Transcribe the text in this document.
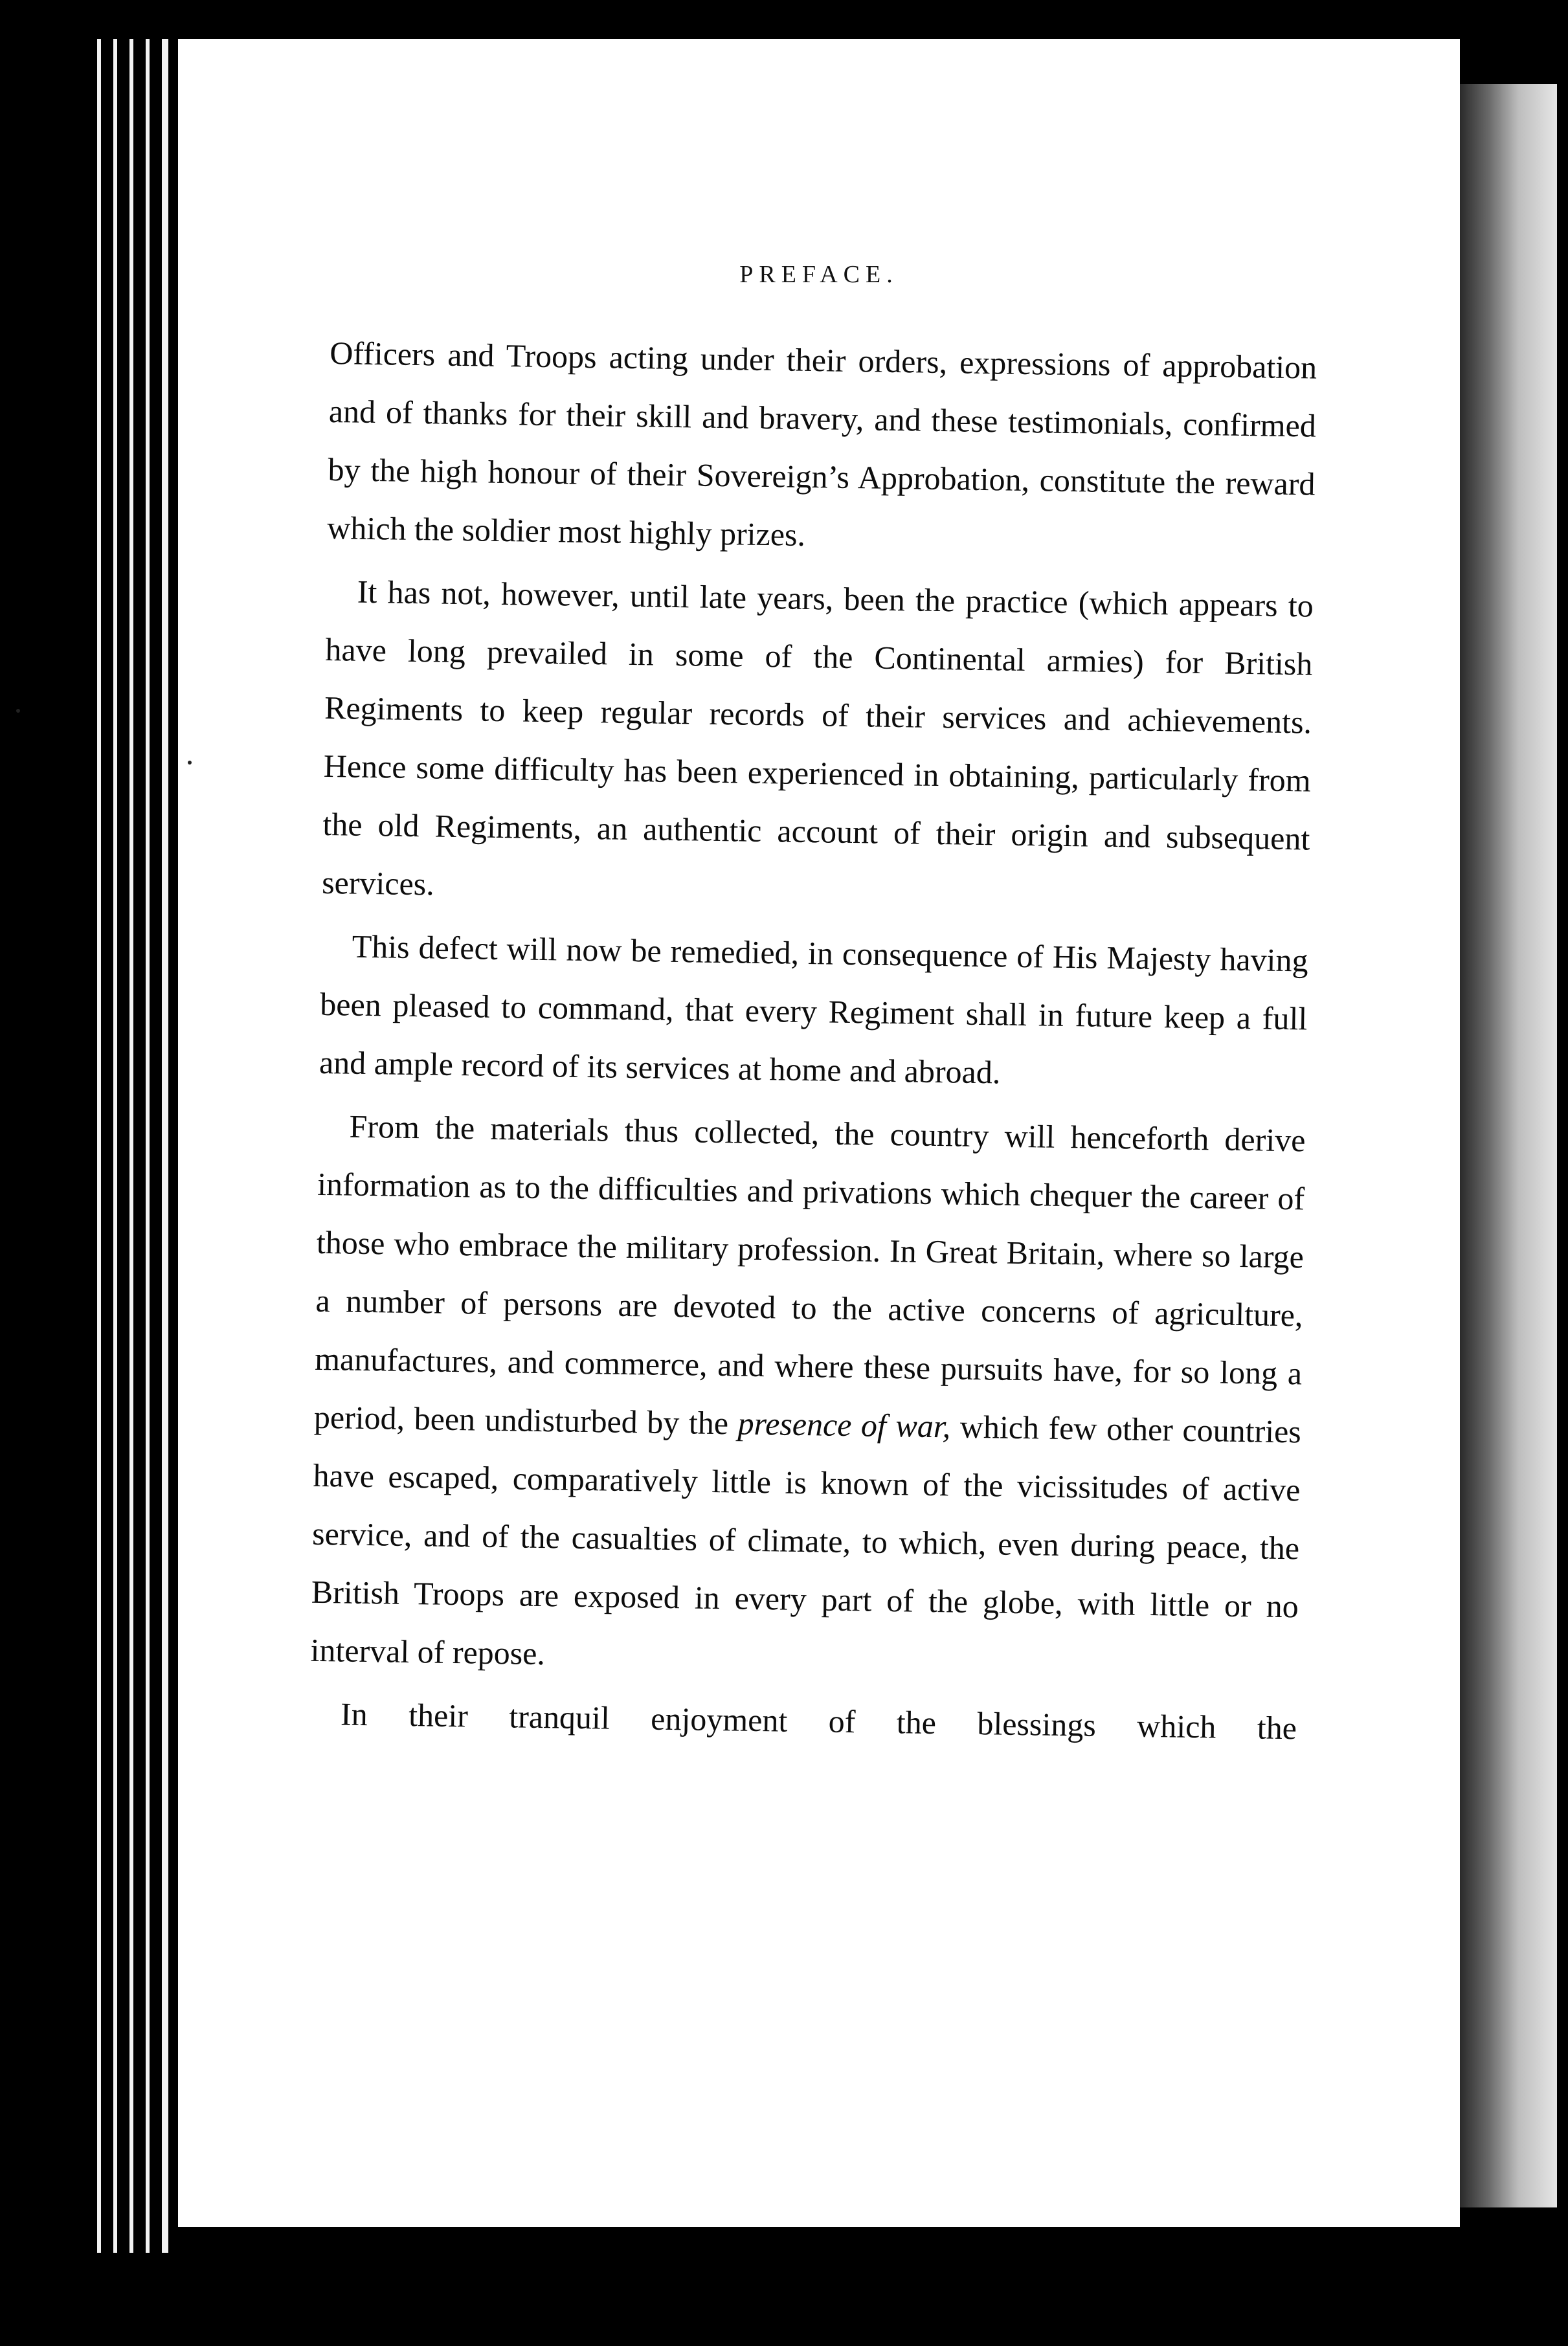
PREFACE.

Officers and Troops acting under their orders, expressions of approbation and of thanks for their skill and bravery, and these testimonials, confirmed by the high honour of their Sovereign’s Approbation, constitute the reward which the soldier most highly prizes.

It has not, however, until late years, been the practice (which appears to have long prevailed in some of the Continental armies) for British Regiments to keep regular records of their services and achievements. Hence some difficulty has been experienced in obtaining, particularly from the old Regiments, an authentic account of their origin and subsequent services.

This defect will now be remedied, in consequence of His Majesty having been pleased to command, that every Regiment shall in future keep a full and ample record of its services at home and abroad.

From the materials thus collected, the country will henceforth derive information as to the difficulties and privations which chequer the career of those who embrace the military profession. In Great Britain, where so large a number of persons are devoted to the active concerns of agriculture, manufactures, and commerce, and where these pursuits have, for so long a period, been undisturbed by the presence of war, which few other countries have escaped, comparatively little is known of the vicissitudes of active service, and of the casualties of climate, to which, even during peace, the British Troops are exposed in every part of the globe, with little or no interval of repose.

In their tranquil enjoyment of the blessings which the
